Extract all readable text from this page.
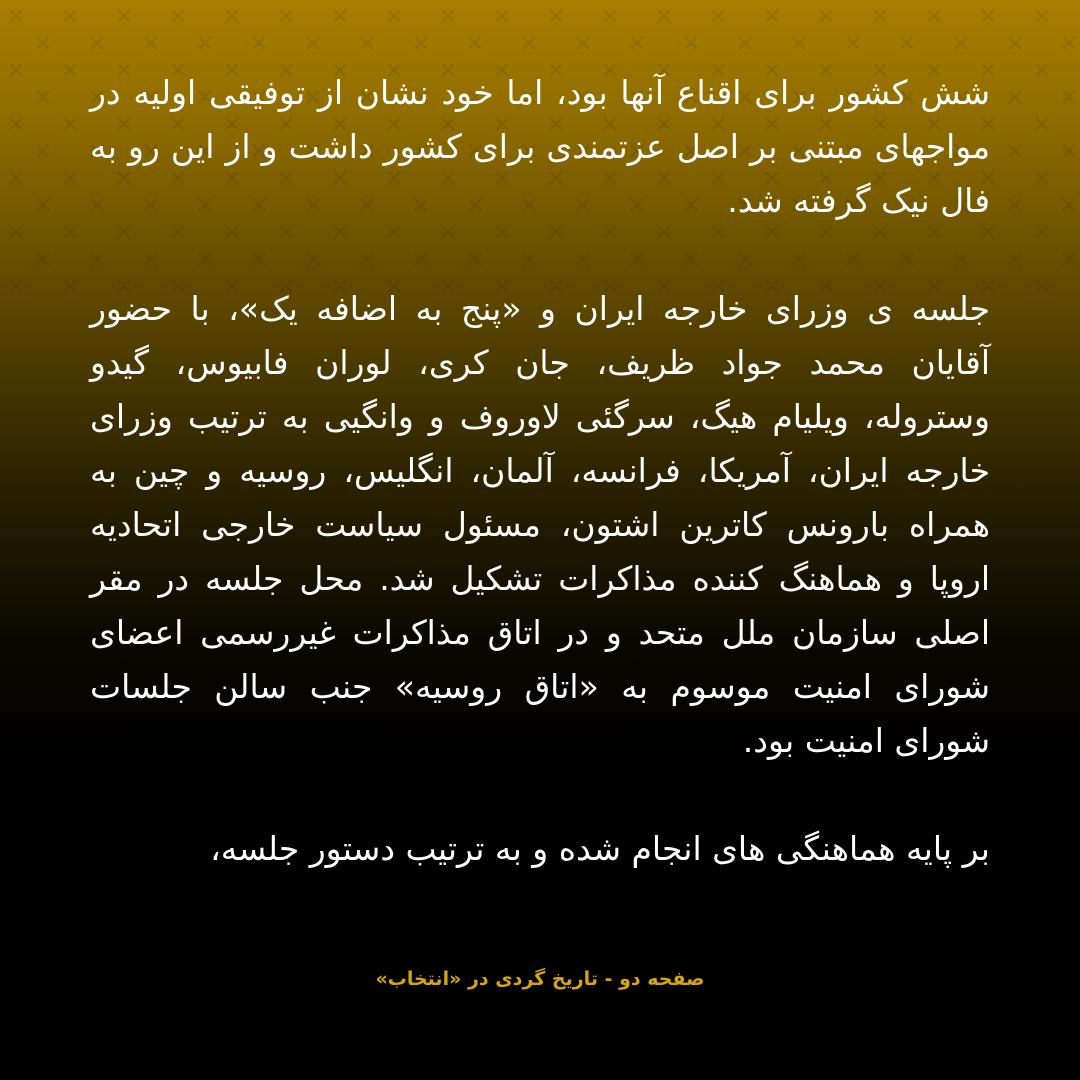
شش کشور برای اقناع آنها بود، اما خود نشان از توفیقی اولیه در مواجهای مبتنی بر اصل عزتمندی برای کشور داشت و از این رو به فال نیک گرفته شد.

جلسه ی وزرای خارجه ایران و «پنج به اضافه یک»، با حضور آقایان محمد جواد ظریف، جان کری، لوران فابیوس، گیدو وستروله، ویلیام هیگ، سرگئی لاوروف و وانگیی به ترتیب وزرای خارجه ایران، آمریکا، فرانسه، آلمان، انگلیس، روسیه و چین به همراه بارونس کاترین اشتون، مسئول سیاست خارجی اتحادیه اروپا و هماهنگ کننده مذاکرات تشکیل شد. محل جلسه در مقر اصلی سازمان ملل متحد و در اتاق مذاکرات غیررسمی اعضای شورای امنیت موسوم به «اتاق روسیه» جنب سالن جلسات شورای امنیت بود.

بر پایه هماهنگی های انجام شده و به ترتیب دستور جلسه،

صفحه دو - تاریخ گردی در «انتخاب»
